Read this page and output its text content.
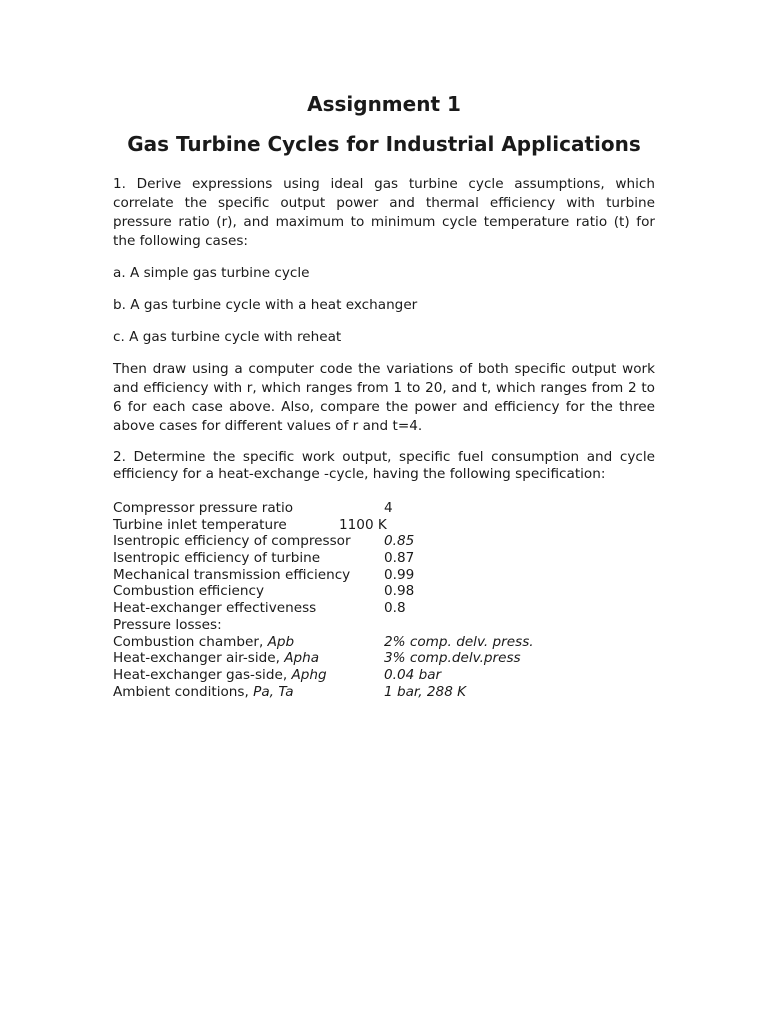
Assignment 1
Gas Turbine Cycles for Industrial Applications

1. Derive expressions using ideal gas turbine cycle assumptions, which correlate the specific output power and thermal efficiency with turbine pressure ratio (r), and maximum to minimum cycle temperature ratio (t) for the following cases:

a. A simple gas turbine cycle

b. A gas turbine cycle with a heat exchanger

c. A gas turbine cycle with reheat

Then draw using a computer code the variations of both specific output work and efficiency with r, which ranges from 1 to 20, and t, which ranges from 2 to 6 for each case above. Also, compare the power and efficiency for the three above cases for different values of r and t=4.

2. Determine the specific work output, specific fuel consumption and cycle efficiency for a heat-exchange -cycle, having the following specification:

Compressor pressure ratio	4
Turbine inlet temperature	1100 K
Isentropic efficiency of compressor 0.85
Isentropic efficiency of turbine	0.87
Mechanical transmission efficiency 0.99
Combustion efficiency	0.98
Heat-exchanger effectiveness	0.8
Pressure losses:
Combustion chamber, Apb	2% comp. delv. press.
Heat-exchanger air-side, Apha	3% comp.delv.press
Heat-exchanger gas-side, Aphg	0.04 bar
Ambient conditions, Pa, Ta	1 bar, 288 K
